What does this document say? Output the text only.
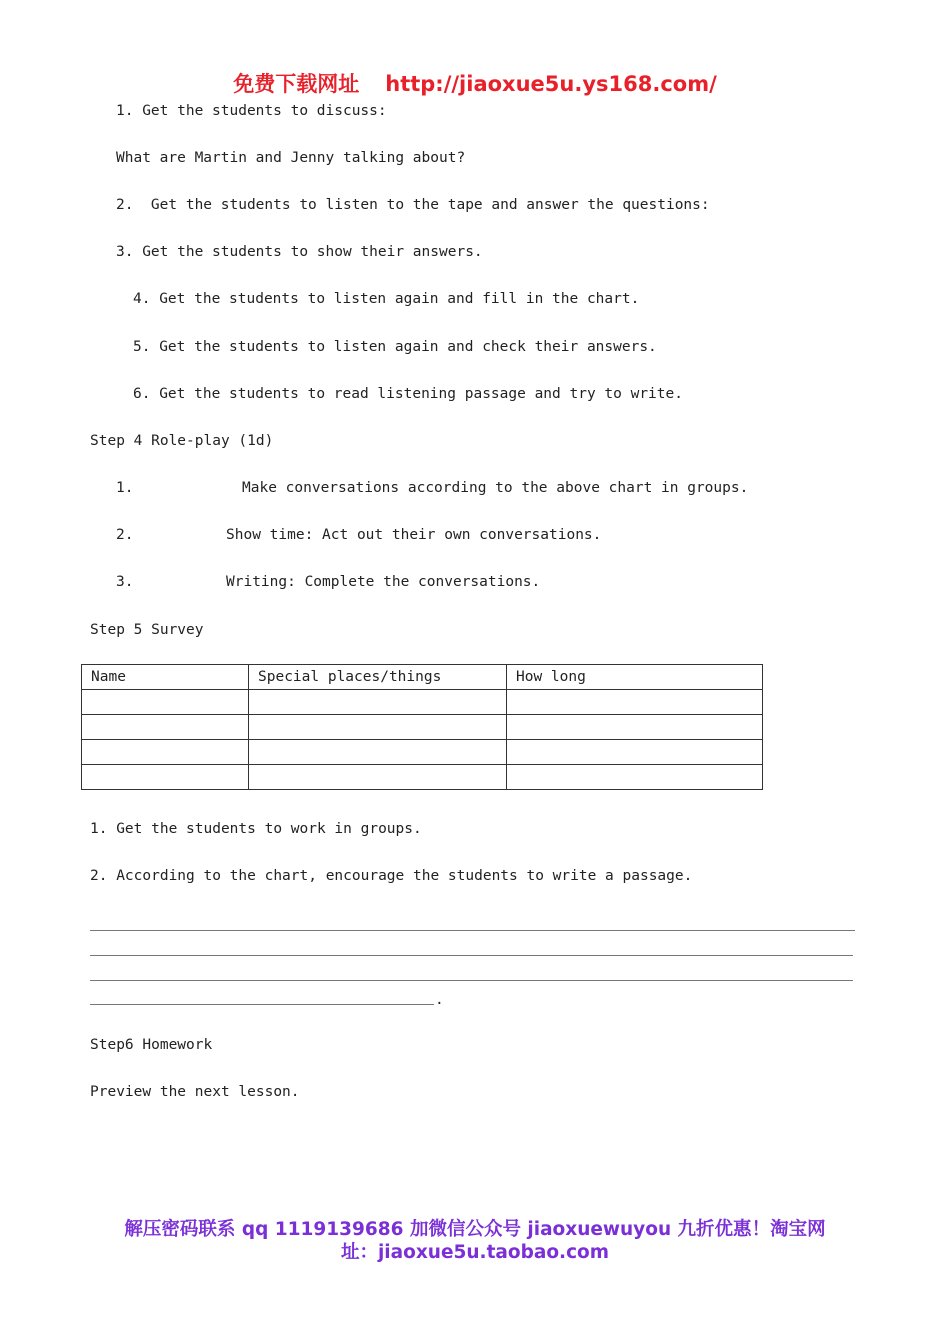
免费下载网址 http://jiaoxue5u.ys168.com/
1. Get the students to discuss:
What are Martin and Jenny talking about?
2.  Get the students to listen to the tape and answer the questions:
3. Get the students to show their answers.
4. Get the students to listen again and fill in the chart.
5. Get the students to listen again and check their answers.
6. Get the students to read listening passage and try to write.
Step 4 Role-play (1d)
1.	Make conversations according to the above chart in groups.
2.	Show time: Act out their own conversations.
3.	Writing: Complete the conversations.
Step 5 Survey
Name	Special places/things	How long

1. Get the students to work in groups.
2. According to the chart, encourage the students to write a passage.
.
Step6 Homework
Preview the next lesson.
解压密码联系 qq 1119139686 加微信公众号 jiaoxuewuyou 九折优惠！淘宝网
址：jiaoxue5u.taobao.com
